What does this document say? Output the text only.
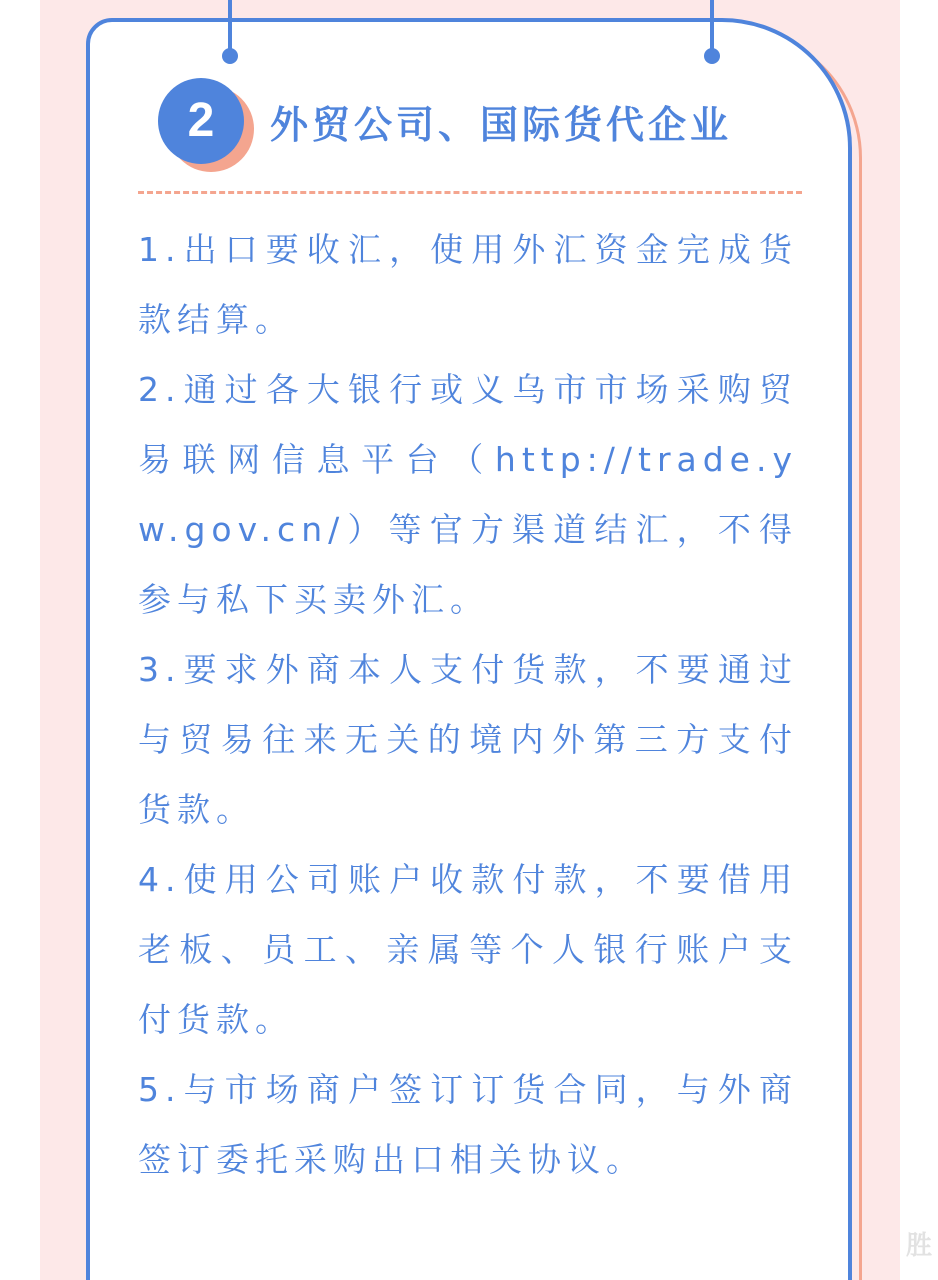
2	外贸公司、国际货代企业
1.出口要收汇，使用外汇资金完成货款结算。
2.通过各大银行或义乌市市场采购贸易联网信息平台（http://trade.yw.gov.cn/）等官方渠道结汇，不得参与私下买卖外汇。
3.要求外商本人支付货款，不要通过与贸易往来无关的境内外第三方支付货款。
4.使用公司账户收款付款，不要借用老板、员工、亲属等个人银行账户支付货款。
5.与市场商户签订订货合同，与外商签订委托采购出口相关协议。
胜
